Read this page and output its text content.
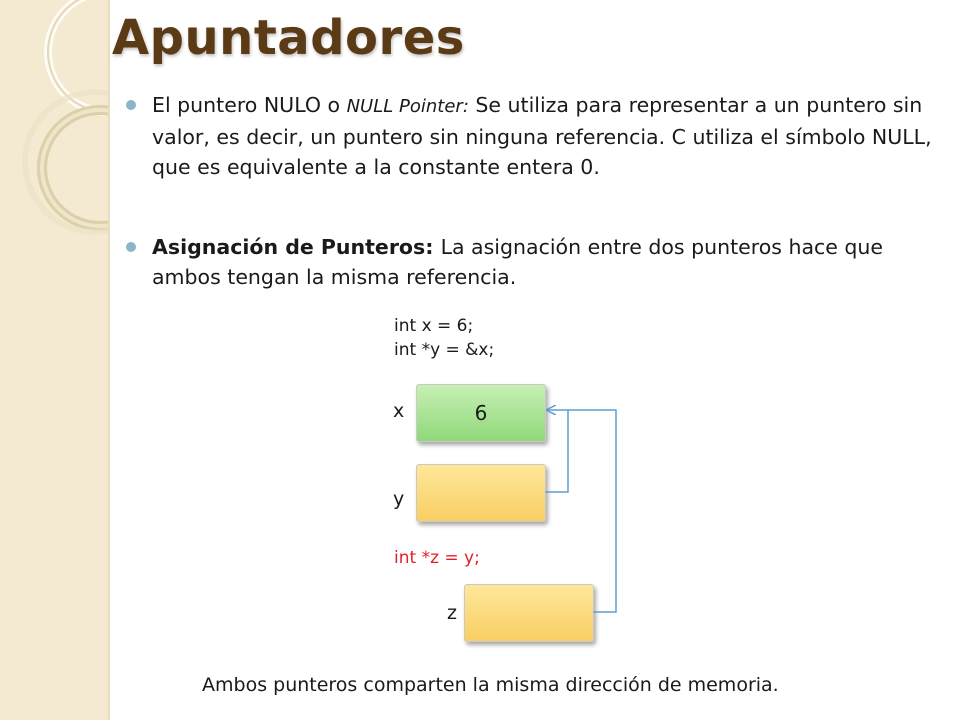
Apuntadores
El puntero NULO o NULL Pointer: Se utiliza para representar a un puntero sin valor, es decir, un puntero sin ninguna referencia. C utiliza el símbolo NULL, que es equivalente a la constante entera 0.
Asignación de Punteros: La asignación entre dos punteros hace que ambos tengan la misma referencia.
int x = 6;
int *y = &x;
x	6
y
int *z = y;
z
Ambos punteros comparten la misma dirección de memoria.
